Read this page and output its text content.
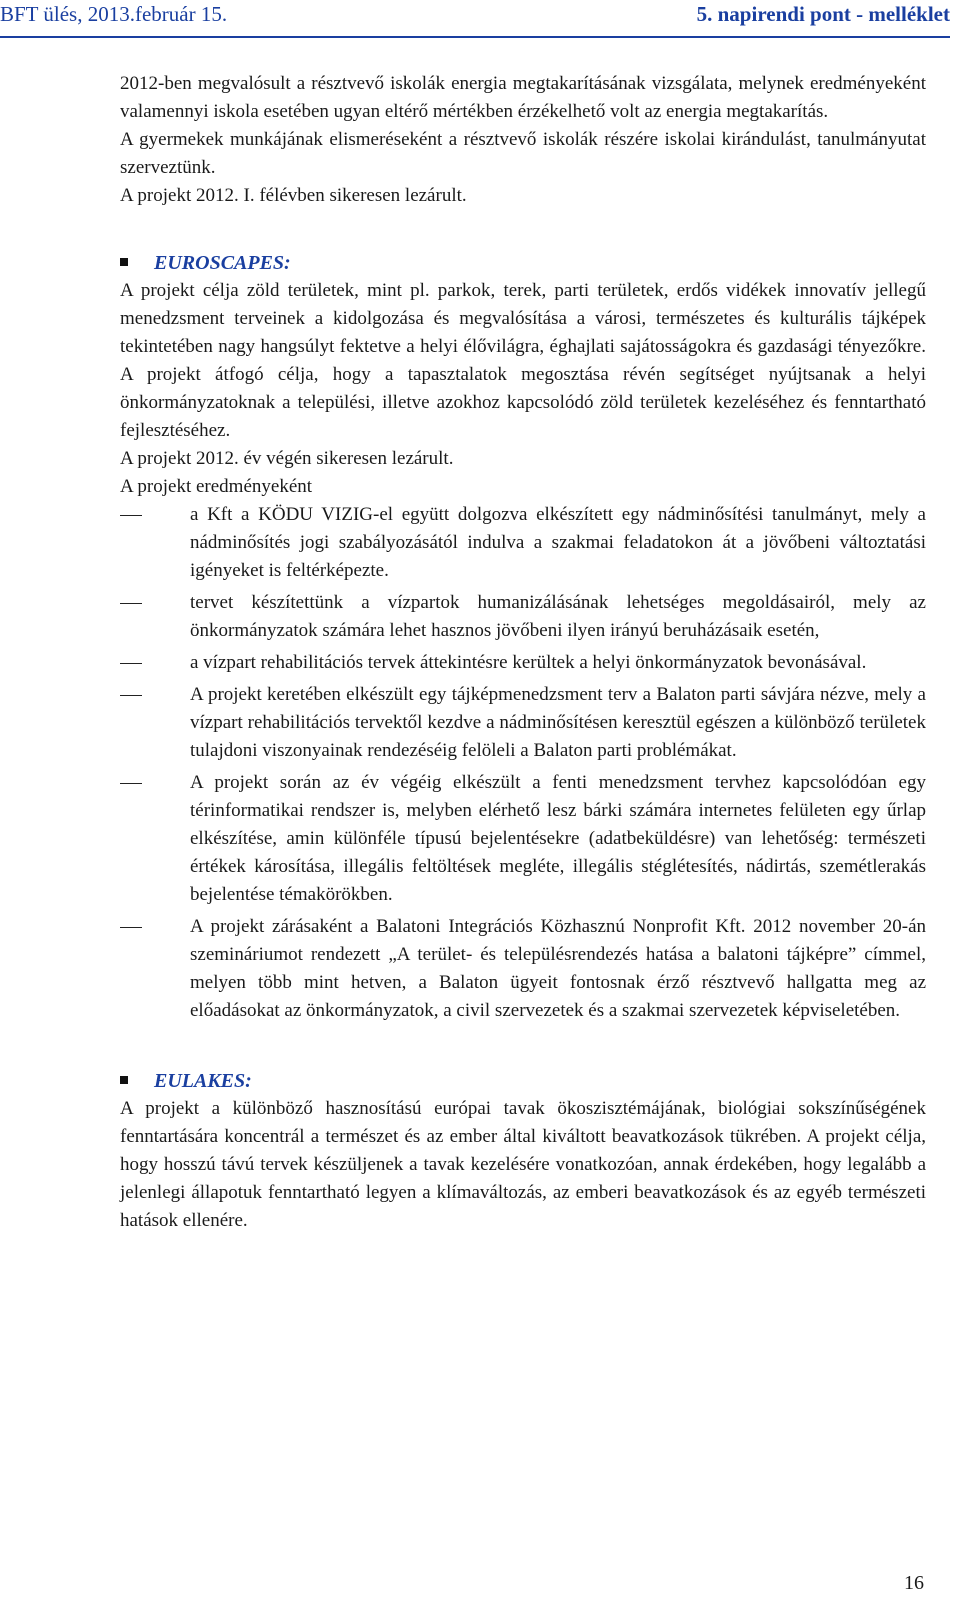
BFT ülés, 2013.február 15.	5. napirendi pont - melléklet

2012-ben megvalósult a résztvevő iskolák energia megtakarításának vizsgálata, melynek eredményeként valamennyi iskola esetében ugyan eltérő mértékben érzékelhető volt az energia megtakarítás.

A gyermekek munkájának elismeréseként a résztvevő iskolák részére iskolai kirándulást, tanulmányutat szerveztünk.

A projekt 2012. I. félévben sikeresen lezárult.

EUROSCAPES:

A projekt célja zöld területek, mint pl. parkok, terek, parti területek, erdős vidékek innovatív jellegű menedzsment terveinek a kidolgozása és megvalósítása a városi, természetes és kulturális tájképek tekintetében nagy hangsúlyt fektetve a helyi élővilágra, éghajlati sajátosságokra és gazdasági tényezőkre. A projekt átfogó célja, hogy a tapasztalatok megosztása révén segítséget nyújtsanak a helyi önkormányzatoknak a települési, illetve azokhoz kapcsolódó zöld területek kezeléséhez és fenntartható fejlesztéséhez.

A projekt 2012. év végén sikeresen lezárult.

A projekt eredményeként

a Kft a KÖDU VIZIG-el együtt dolgozva elkészített egy nádminősítési tanulmányt, mely a nádminősítés jogi szabályozásától indulva a szakmai feladatokon át a jövőbeni változtatási igényeket is feltérképezte.
tervet készítettünk a vízpartok humanizálásának lehetséges megoldásairól, mely az önkormányzatok számára lehet hasznos jövőbeni ilyen irányú beruházásaik esetén,
a vízpart rehabilitációs tervek áttekintésre kerültek a helyi önkormányzatok bevonásával.
A projekt keretében elkészült egy tájképmenedzsment terv a Balaton parti sávjára nézve, mely a vízpart rehabilitációs tervektől kezdve a nádminősítésen keresztül egészen a különböző területek tulajdoni viszonyainak rendezéséig felöleli a Balaton parti problémákat.
A projekt során az év végéig elkészült a fenti menedzsment tervhez kapcsolódóan egy térinformatikai rendszer is, melyben elérhető lesz bárki számára internetes felületen egy űrlap elkészítése, amin különféle típusú bejelentésekre (adatbeküldésre) van lehetőség: természeti értékek károsítása, illegális feltöltések megléte, illegális stéglétesítés, nádirtás, szemétlerakás bejelentése témakörökben.
A projekt zárásaként a Balatoni Integrációs Közhasznú Nonprofit Kft. 2012 november 20-án szemináriumot rendezett „A terület- és településrendezés hatása a balatoni tájképre” címmel, melyen több mint hetven, a Balaton ügyeit fontosnak érző résztvevő hallgatta meg az előadásokat az önkormányzatok, a civil szervezetek és a szakmai szervezetek képviseletében.
EULAKES:

A projekt a különböző hasznosítású európai tavak ökoszisztémájának, biológiai sokszínűségének fenntartására koncentrál a természet és az ember által kiváltott beavatkozások tükrében. A projekt célja, hogy hosszú távú tervek készüljenek a tavak kezelésére vonatkozóan, annak érdekében, hogy legalább a jelenlegi állapotuk fenntartható legyen a klímaváltozás, az emberi beavatkozások és az egyéb természeti hatások ellenére.

16
